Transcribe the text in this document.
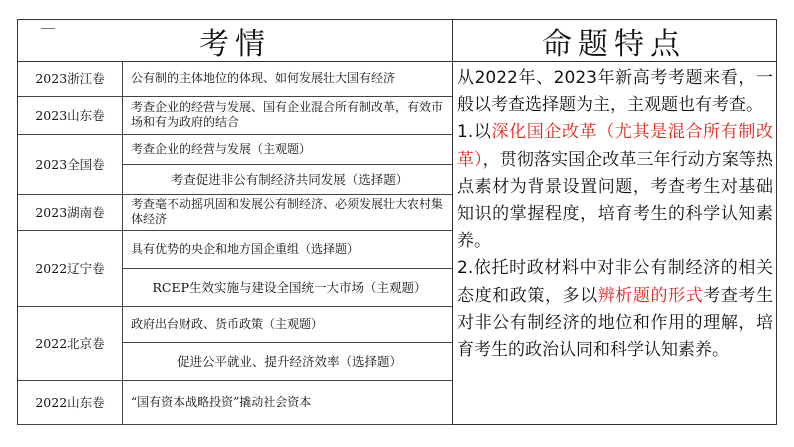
考情
2023浙江卷	公有制的主体地位的体现、如何发展壮大国有经济
2023山东卷	考查企业的经营与发展、国有企业混合所有制改革，有效市场和有为政府的结合
2023全国卷	考查企业的经营与发展（主观题）
	考查促进非公有制经济共同发展（选择题）
2023湖南卷	考查毫不动摇巩固和发展公有制经济、必须发展壮大农村集体经济
2022辽宁卷	具有优势的央企和地方国企重组（选择题）
	RCEP生效实施与建设全国统一大市场（主观题）
2022北京卷	政府出台财政、货币政策（主观题）
	促进公平就业、提升经济效率（选择题）
2022山东卷	“国有资本战略投资”撬动社会资本
命题特点
从2022年、2023年新高考考题来看，一般以考查选择题为主，主观题也有考查。
1.以深化国企改革（尤其是混合所有制改革），贯彻落实国企改革三年行动方案等热点素材为背景设置问题，考查考生对基础知识的掌握程度，培育考生的科学认知素养。
2.依托时政材料中对非公有制经济的相关态度和政策，多以辨析题的形式考查考生对非公有制经济的地位和作用的理解，培育考生的政治认同和科学认知素养。
